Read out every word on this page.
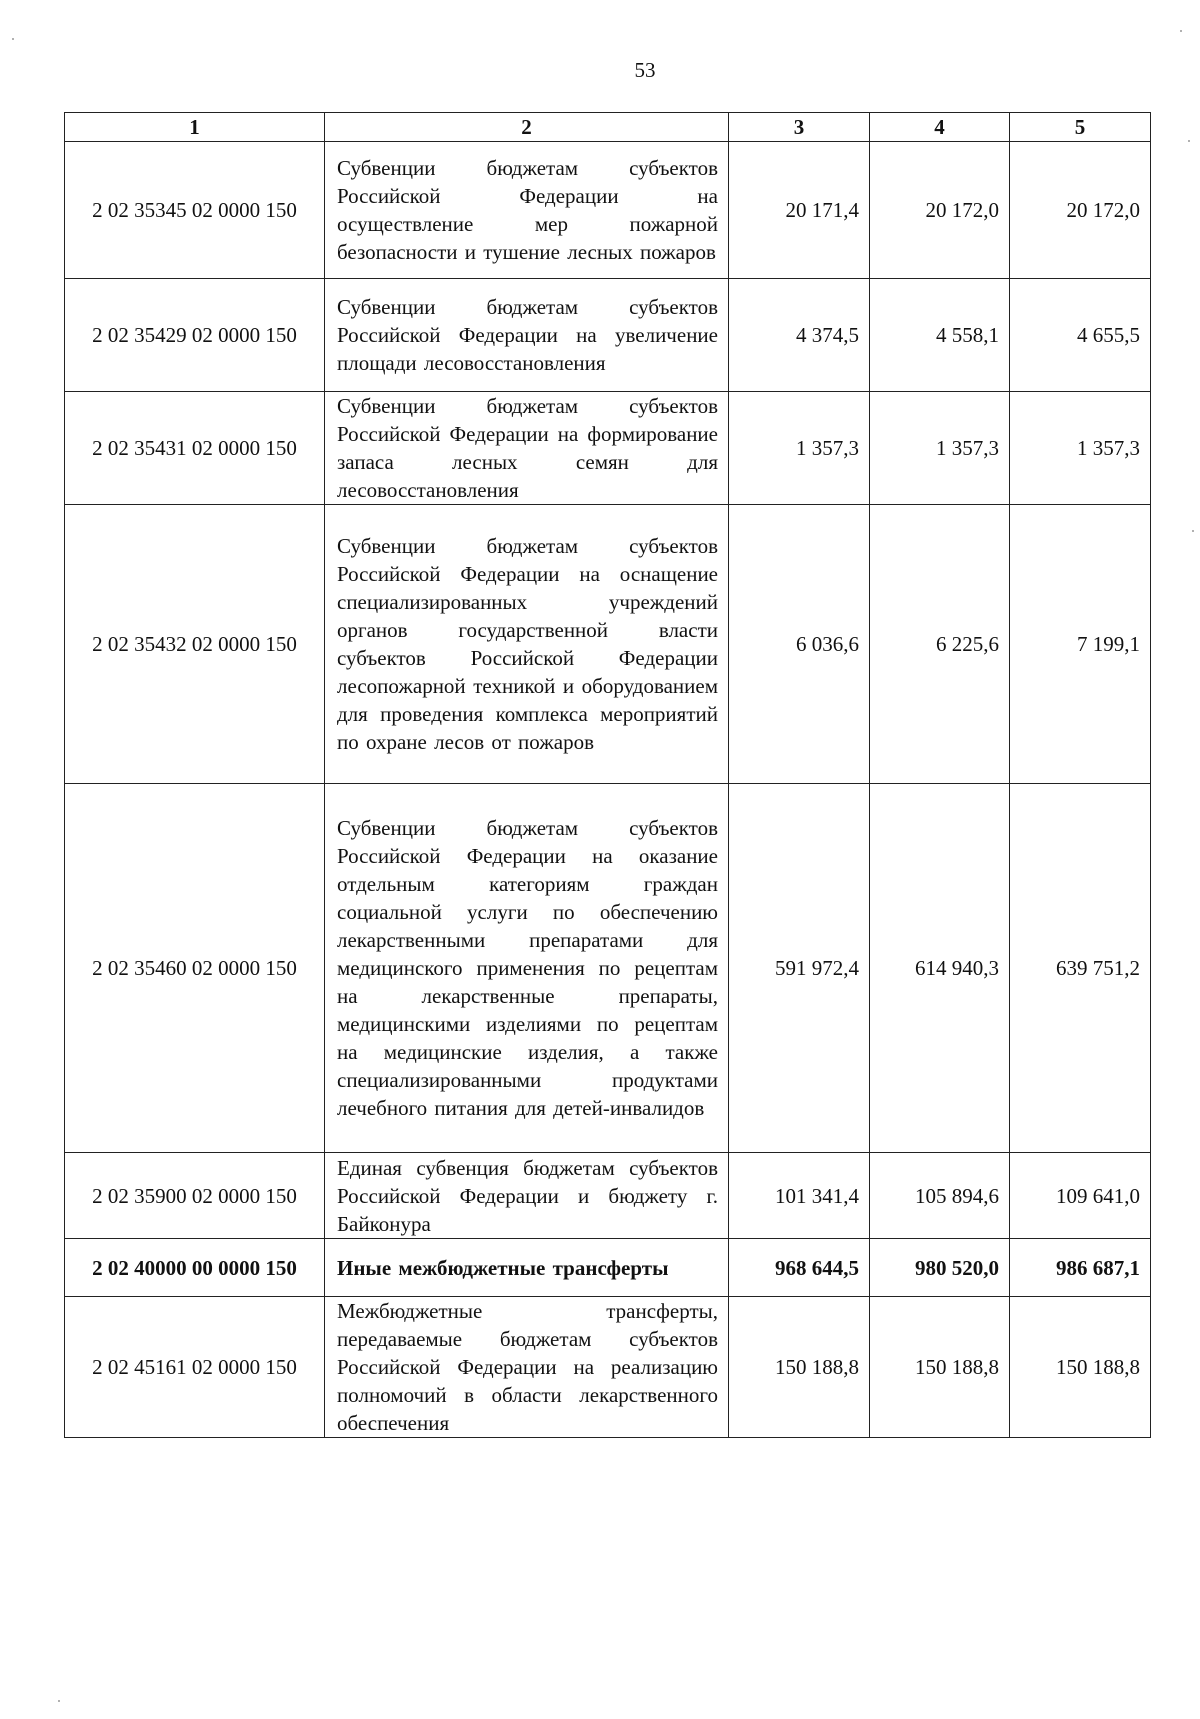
53
1	2	3	4	5
2 02 35345 02 0000 150	Субвенции бюджетам субъектов Российской Федерации на осуществление мер пожарной безопасности и тушение лесных пожаров	20 171,4	20 172,0	20 172,0
2 02 35429 02 0000 150	Субвенции бюджетам субъектов Российской Федерации на увеличение площади лесовосстановления	4 374,5	4 558,1	4 655,5
2 02 35431 02 0000 150	Субвенции бюджетам субъектов Российской Федерации на формирование запаса лесных семян для лесовосстановления	1 357,3	1 357,3	1 357,3
2 02 35432 02 0000 150	Субвенции бюджетам субъектов Российской Федерации на оснащение специализированных учреждений органов государственной власти субъектов Российской Федерации лесопожарной техникой и оборудованием для проведения комплекса мероприятий по охране лесов от пожаров	6 036,6	6 225,6	7 199,1
2 02 35460 02 0000 150	Субвенции бюджетам субъектов Российской Федерации на оказание отдельным категориям граждан социальной услуги по обеспечению лекарственными препаратами для медицинского применения по рецептам на лекарственные препараты, медицинскими изделиями по рецептам на медицинские изделия, а также специализированными продуктами лечебного питания для детей-инвалидов	591 972,4	614 940,3	639 751,2
2 02 35900 02 0000 150	Единая субвенция бюджетам субъектов Российской Федерации и бюджету г. Байконура	101 341,4	105 894,6	109 641,0
2 02 40000 00 0000 150	Иные межбюджетные трансферты	968 644,5	980 520,0	986 687,1
2 02 45161 02 0000 150	Межбюджетные трансферты, передаваемые бюджетам субъектов Российской Федерации на реализацию полномочий в области лекарственного обеспечения	150 188,8	150 188,8	150 188,8
